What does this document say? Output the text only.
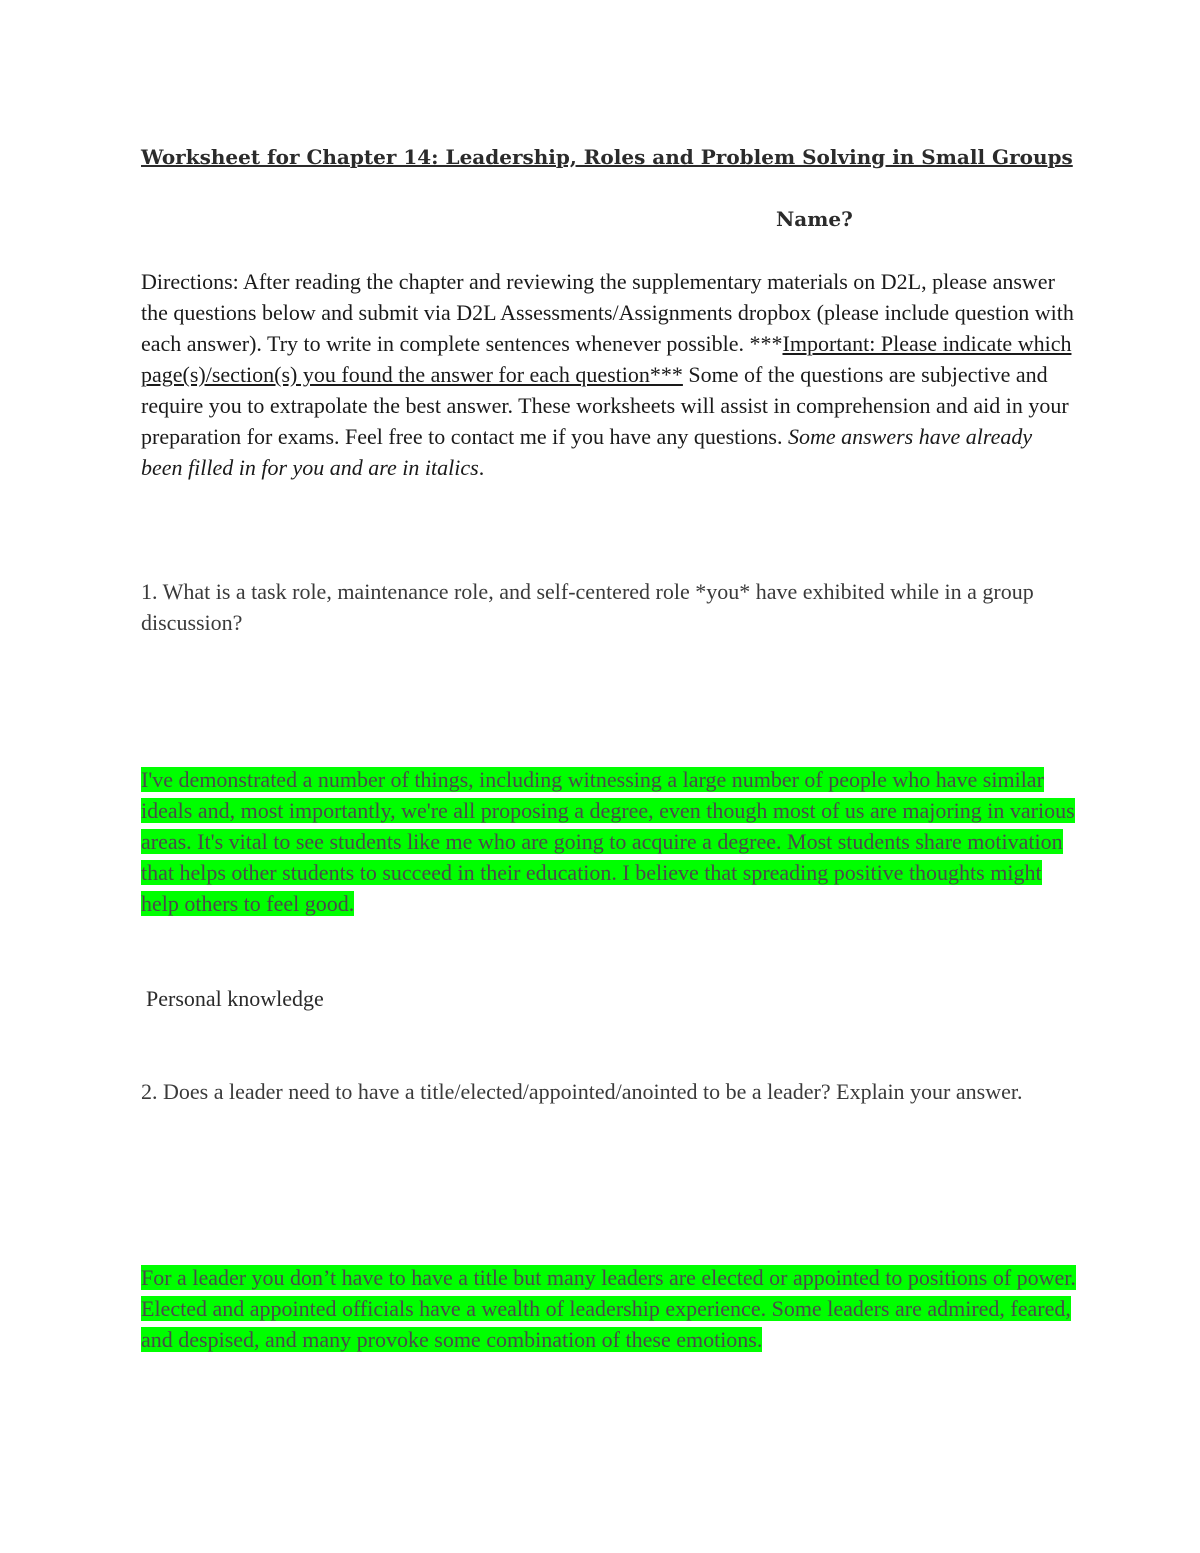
Worksheet for Chapter 14: Leadership, Roles and Problem Solving in Small Groups
Name?
Directions: After reading the chapter and reviewing the supplementary materials on D2L, please answer the questions below and submit via D2L Assessments/Assignments dropbox (please include question with each answer). Try to write in complete sentences whenever possible. ***Important: Please indicate which page(s)/section(s) you found the answer for each question*** Some of the questions are subjective and require you to extrapolate the best answer. These worksheets will assist in comprehension and aid in your preparation for exams. Feel free to contact me if you have any questions. Some answers have already been filled in for you and are in italics.
1. What is a task role, maintenance role, and self-centered role *you* have exhibited while in a group discussion?
I've demonstrated a number of things, including witnessing a large number of people who have similar ideals and, most importantly, we're all proposing a degree, even though most of us are majoring in various areas. It's vital to see students like me who are going to acquire a degree. Most students share motivation that helps other students to succeed in their education. I believe that spreading positive thoughts might help others to feel good.
Personal knowledge
2. Does a leader need to have a title/elected/appointed/anointed to be a leader? Explain your answer.
For a leader you don’t have to have a title but many leaders are elected or appointed to positions of power. Elected and appointed officials have a wealth of leadership experience. Some leaders are admired, feared, and despised, and many provoke some combination of these emotions.
